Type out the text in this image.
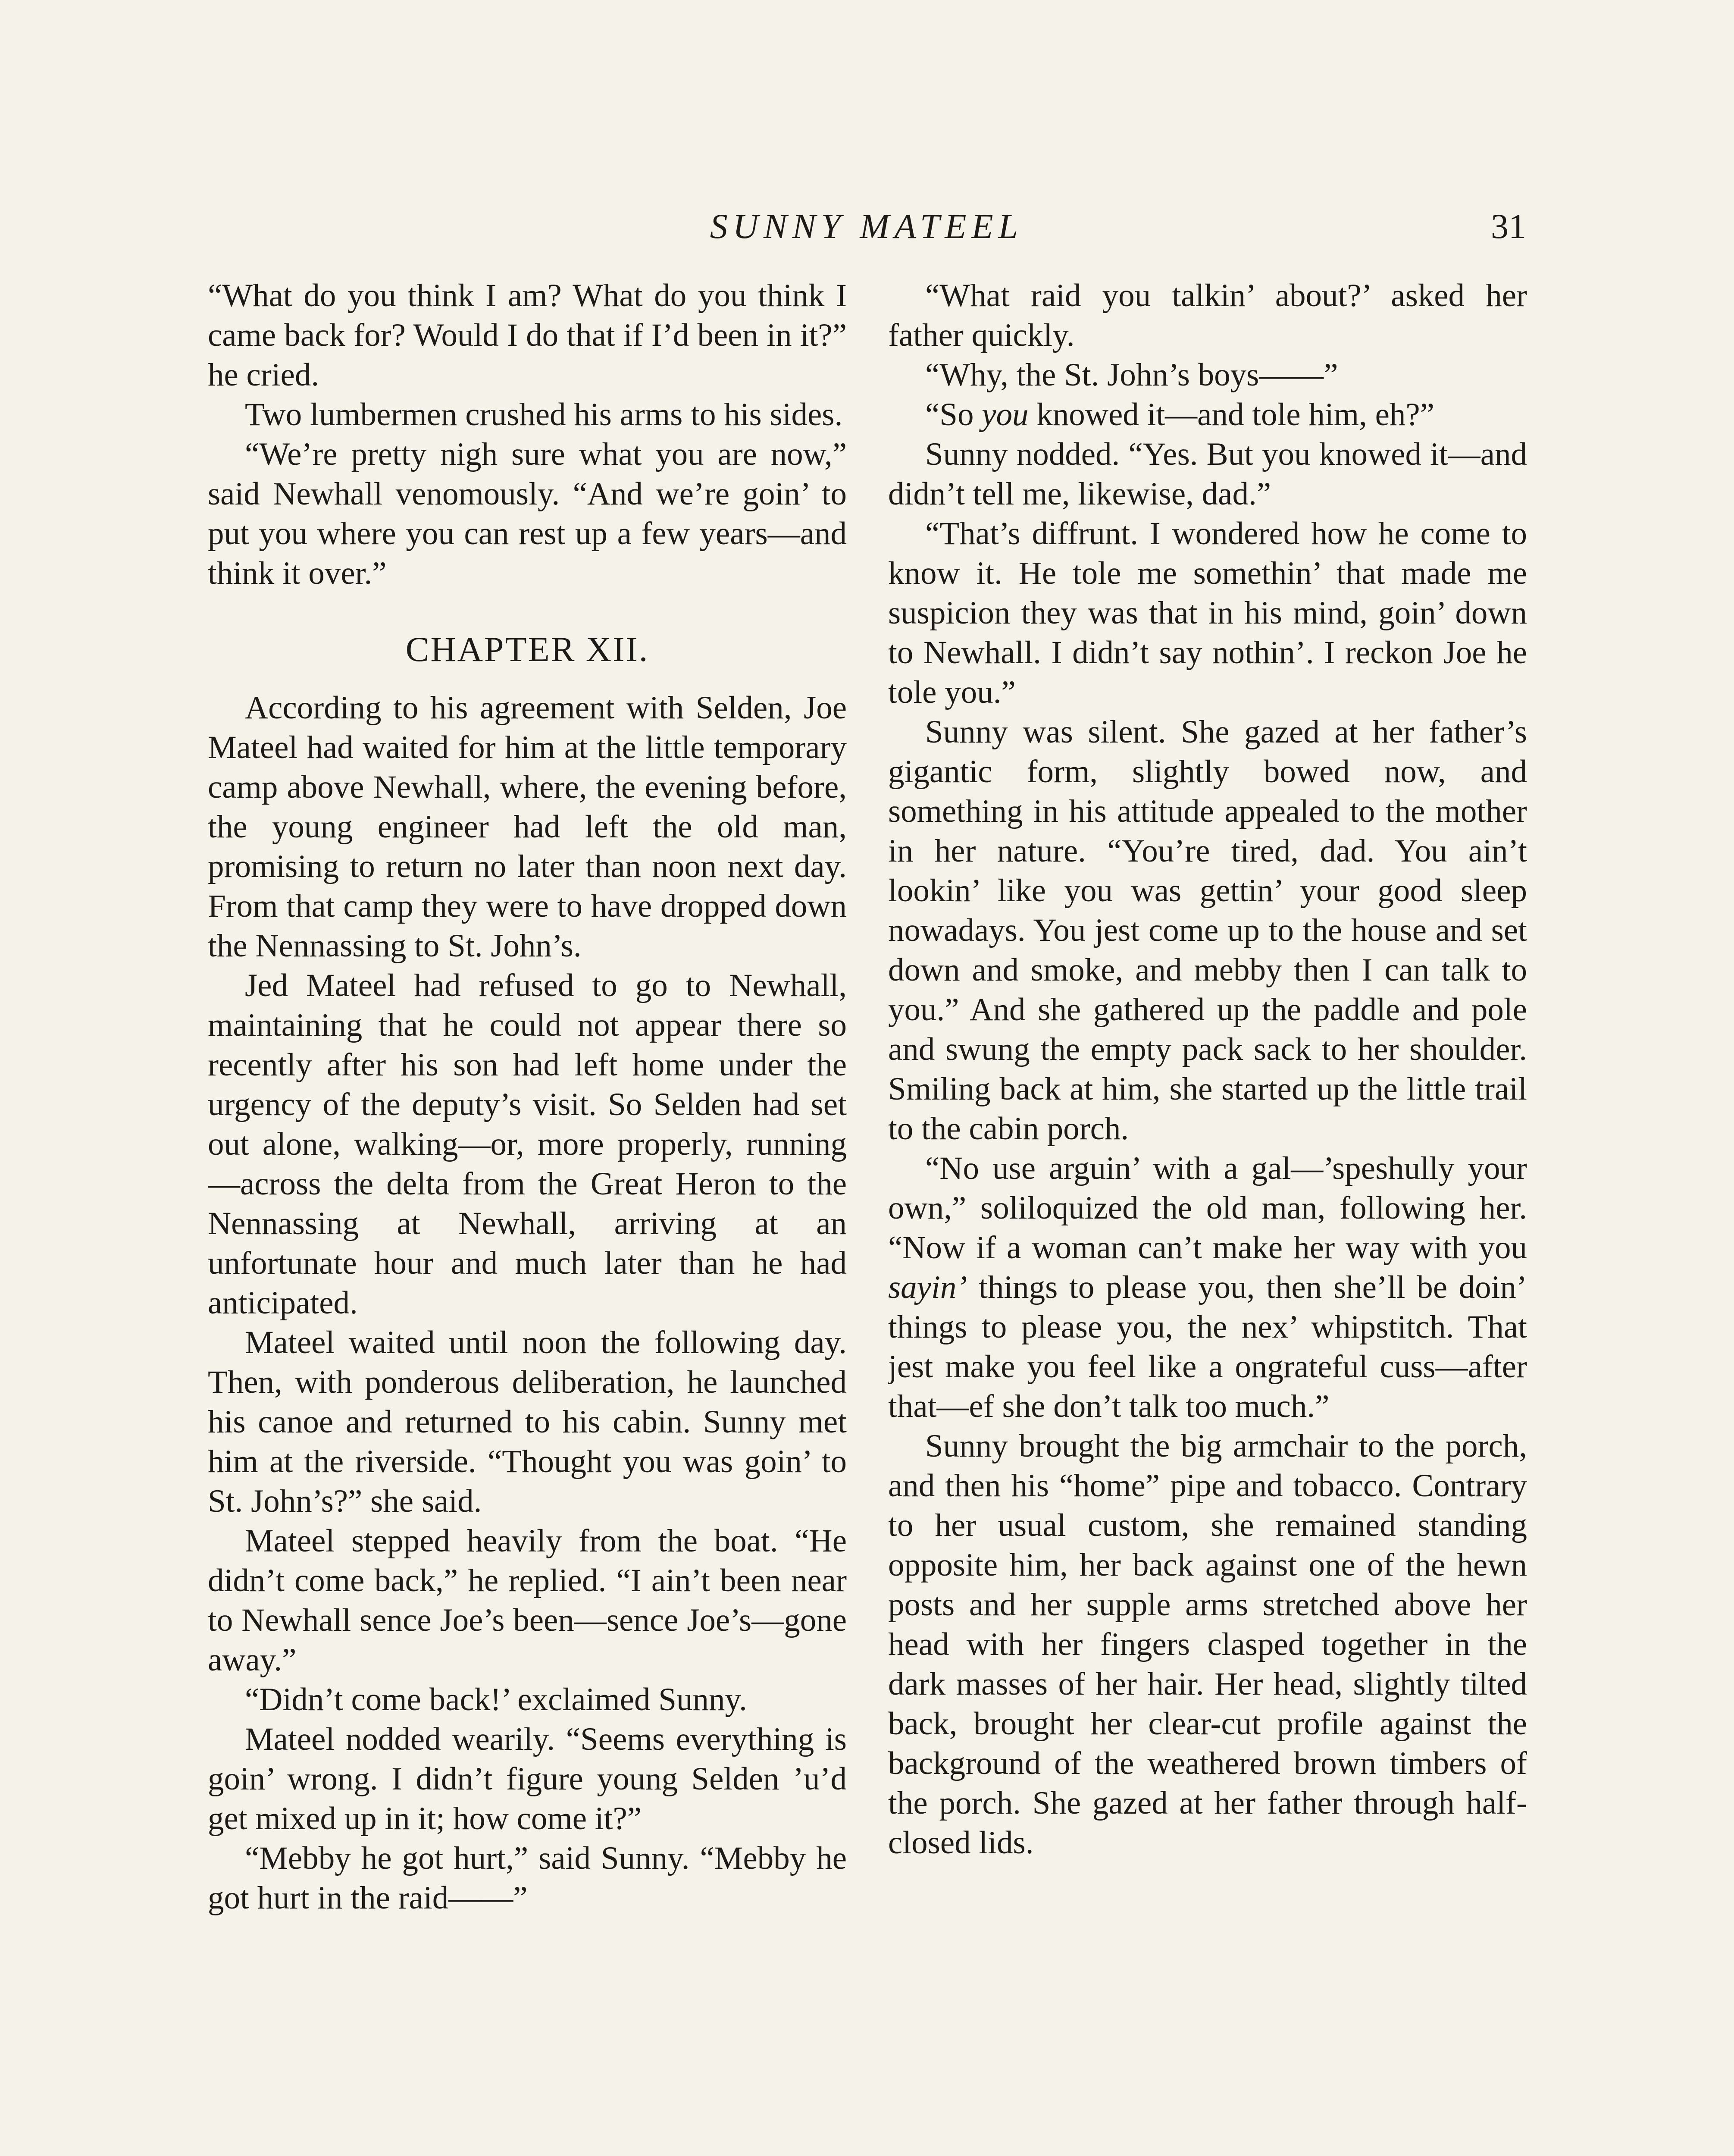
SUNNY MATEEL	31

“What do you think I am? What do you think I came back for? Would I do that if I’d been in it?” he cried.

Two lumbermen crushed his arms to his sides.

“We’re pretty nigh sure what you are now,” said Newhall venomously. “And we’re goin’ to put you where you can rest up a few years—and think it over.”

CHAPTER XII.

According to his agreement with Selden, Joe Mateel had waited for him at the little temporary camp above Newhall, where, the evening before, the young engineer had left the old man, promising to return no later than noon next day. From that camp they were to have dropped down the Nennassing to St. John’s.

Jed Mateel had refused to go to Newhall, maintaining that he could not appear there so recently after his son had left home under the urgency of the deputy’s visit. So Selden had set out alone, walking—or, more properly, running—across the delta from the Great Heron to the Nennassing at Newhall, arriving at an unfortunate hour and much later than he had anticipated.

Mateel waited until noon the following day. Then, with ponderous deliberation, he launched his canoe and returned to his cabin. Sunny met him at the riverside. “Thought you was goin’ to St. John’s?” she said.

Mateel stepped heavily from the boat. “He didn’t come back,” he replied. “I ain’t been near to Newhall sence Joe’s been—sence Joe’s—gone away.”

“Didn’t come back!’ exclaimed Sunny.

Mateel nodded wearily. “Seems everything is goin’ wrong. I didn’t figure young Selden ’u’d get mixed up in it; how come it?”

“Mebby he got hurt,” said Sunny. “Mebby he got hurt in the raid——”

“What raid you talkin’ about?’ asked her father quickly.

“Why, the St. John’s boys——”

“So you knowed it—and tole him, eh?”

Sunny nodded. “Yes. But you knowed it—and didn’t tell me, likewise, dad.”

“That’s diffrunt. I wondered how he come to know it. He tole me somethin’ that made me suspicion they was that in his mind, goin’ down to Newhall. I didn’t say nothin’. I reckon Joe he tole you.”

Sunny was silent. She gazed at her father’s gigantic form, slightly bowed now, and something in his attitude appealed to the mother in her nature. “You’re tired, dad. You ain’t lookin’ like you was gettin’ your good sleep nowadays. You jest come up to the house and set down and smoke, and mebby then I can talk to you.” And she gathered up the paddle and pole and swung the empty pack sack to her shoulder. Smiling back at him, she started up the little trail to the cabin porch.

“No use arguin’ with a gal—’speshully your own,” soliloquized the old man, following her. “Now if a woman can’t make her way with you sayin’ things to please you, then she’ll be doin’ things to please you, the nex’ whipstitch. That jest make you feel like a ongrateful cuss—after that—ef she don’t talk too much.”

Sunny brought the big armchair to the porch, and then his “home” pipe and tobacco. Contrary to her usual custom, she remained standing opposite him, her back against one of the hewn posts and her supple arms stretched above her head with her fingers clasped together in the dark masses of her hair. Her head, slightly tilted back, brought her clear-cut profile against the background of the weathered brown timbers of the porch. She gazed at her father through half-closed lids.
